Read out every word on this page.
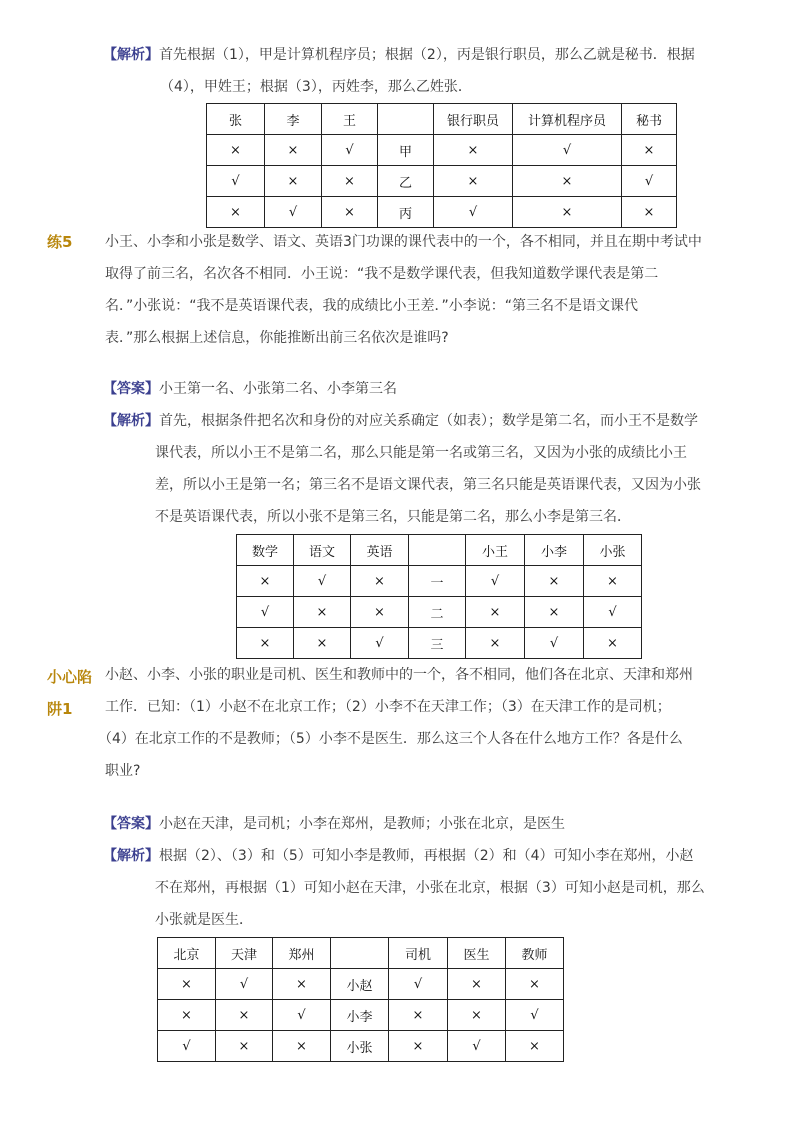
【解析】首先根据（1），甲是计算机程序员；根据（2），丙是银行职员，那么乙就是秘书．根据
（4），甲姓王；根据（3），丙姓李，那么乙姓张．
张	李	王		银行职员	计算机程序员	秘书
×	×	√	甲	×	√	×
√	×	×	乙	×	×	√
×	√	×	丙	√	×	×
练5 小王、小李和小张是数学、语文、英语3门功课的课代表中的一个，各不相同，并且在期中考试中
取得了前三名，名次各不相同．小王说：“我不是数学课代表，但我知道数学课代表是第二
名．”小张说：“我不是英语课代表，我的成绩比小王差．”小李说：“第三名不是语文课代
表．”那么根据上述信息，你能推断出前三名依次是谁吗?
【答案】小王第一名、小张第二名、小李第三名
【解析】首先，根据条件把名次和身份的对应关系确定（如表）；数学是第二名，而小王不是数学
课代表，所以小王不是第二名，那么只能是第一名或第三名，又因为小张的成绩比小王
差，所以小王是第一名；第三名不是语文课代表，第三名只能是英语课代表，又因为小张
不是英语课代表，所以小张不是第三名，只能是第二名，那么小李是第三名．
数学	语文	英语		小王	小李	小张
×	√	×	一	√	×	×
√	×	×	二	×	×	√
×	×	√	三	×	√	×
小心陷
阱1
小赵、小李、小张的职业是司机、医生和教师中的一个，各不相同，他们各在北京、天津和郑州
工作．已知：（1）小赵不在北京工作；（2）小李不在天津工作；（3）在天津工作的是司机；
（4）在北京工作的不是教师；（5）小李不是医生．那么这三个人各在什么地方工作？各是什么
职业?
【答案】小赵在天津，是司机；小李在郑州，是教师；小张在北京，是医生
【解析】根据（2）、（3）和（5）可知小李是教师，再根据（2）和（4）可知小李在郑州，小赵
不在郑州，再根据（1）可知小赵在天津，小张在北京，根据（3）可知小赵是司机，那么
小张就是医生．
北京	天津	郑州		司机	医生	教师
×	√	×	小赵	√	×	×
×	×	√	小李	×	×	√
√	×	×	小张	×	√	×
